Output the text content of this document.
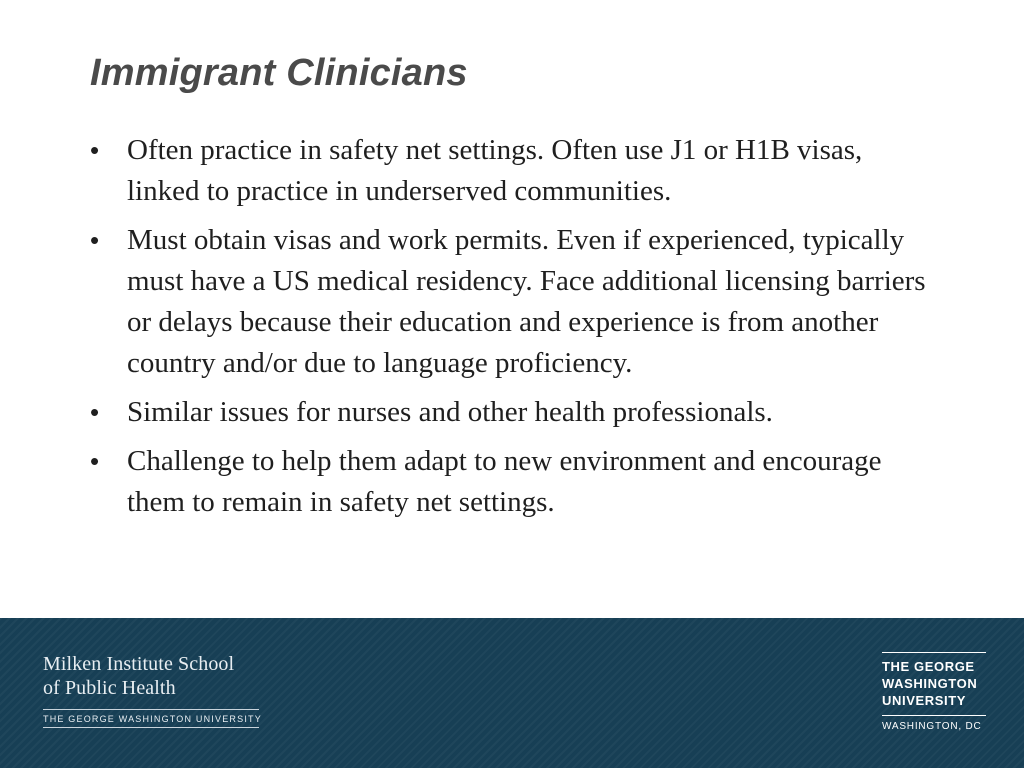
Immigrant Clinicians
• Often practice in safety net settings. Often use J1 or H1B visas, linked to practice in underserved communities.
• Must obtain visas and work permits. Even if experienced, typically must have a US medical residency. Face additional licensing barriers or delays because their education and experience is from another country and/or due to language proficiency.
• Similar issues for nurses and other health professionals.
• Challenge to help them adapt to new environment and encourage them to remain in safety net settings.
Milken Institute School
of Public Health
THE GEORGE WASHINGTON UNIVERSITY
THE GEORGE
WASHINGTON
UNIVERSITY
WASHINGTON, DC
